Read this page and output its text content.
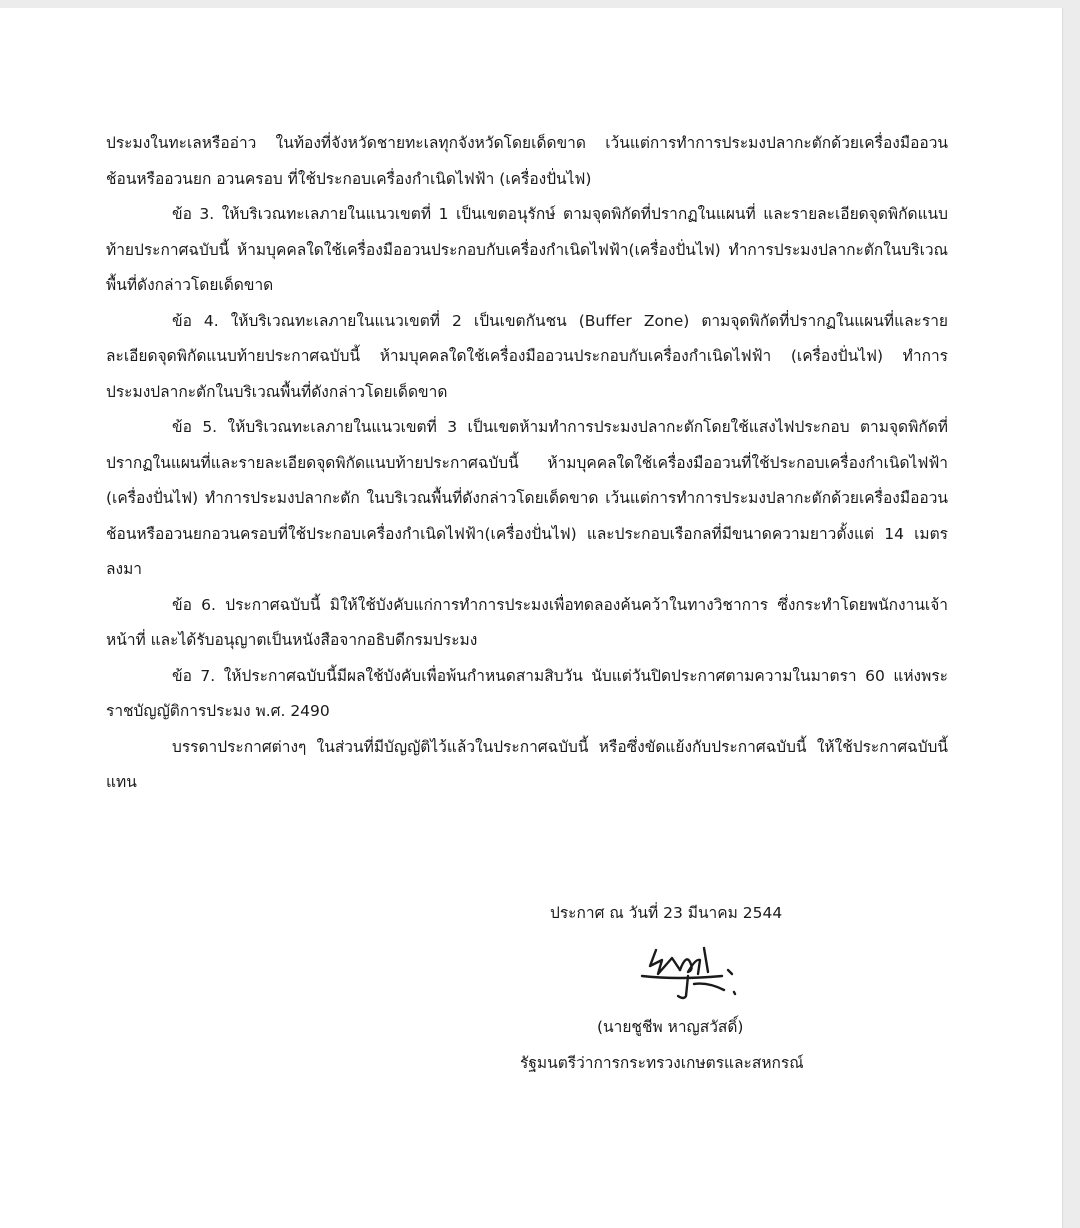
ประมงในทะเลหรืออ่าว ในท้องที่จังหวัดชายทะเลทุกจังหวัดโดยเด็ดขาด เว้นแต่การทำการประมงปลากะตักด้วยเครื่องมืออวนช้อนหรืออวนยก อวนครอบ ที่ใช้ประกอบเครื่องกำเนิดไฟฟ้า (เครื่องปั่นไฟ)

ข้อ 3. ให้บริเวณทะเลภายในแนวเขตที่ 1 เป็นเขตอนุรักษ์ ตามจุดพิกัดที่ปรากฏในแผนที่ และรายละเอียดจุดพิกัดแนบท้ายประกาศฉบับนี้ ห้ามบุคคลใดใช้เครื่องมืออวนประกอบกับเครื่องกำเนิดไฟฟ้า(เครื่องปั่นไฟ) ทำการประมงปลากะตักในบริเวณพื้นที่ดังกล่าวโดยเด็ดขาด

ข้อ 4. ให้บริเวณทะเลภายในแนวเขตที่ 2 เป็นเขตกันชน (Buffer Zone) ตามจุดพิกัดที่ปรากฏในแผนที่และรายละเอียดจุดพิกัดแนบท้ายประกาศฉบับนี้ ห้ามบุคคลใดใช้เครื่องมืออวนประกอบกับเครื่องกำเนิดไฟฟ้า (เครื่องปั่นไฟ) ทำการประมงปลากะตักในบริเวณพื้นที่ดังกล่าวโดยเด็ดขาด

ข้อ 5. ให้บริเวณทะเลภายในแนวเขตที่ 3 เป็นเขตห้ามทำการประมงปลากะตักโดยใช้แสงไฟประกอบ ตามจุดพิกัดที่ปรากฏในแผนที่และรายละเอียดจุดพิกัดแนบท้ายประกาศฉบับนี้ ห้ามบุคคลใดใช้เครื่องมืออวนที่ใช้ประกอบเครื่องกำเนิดไฟฟ้า (เครื่องปั่นไฟ) ทำการประมงปลากะตัก ในบริเวณพื้นที่ดังกล่าวโดยเด็ดขาด เว้นแต่การทำการประมงปลากะตักด้วยเครื่องมืออวนช้อนหรืออวนยกอวนครอบที่ใช้ประกอบเครื่องกำเนิดไฟฟ้า(เครื่องปั่นไฟ) และประกอบเรือกลที่มีขนาดความยาวตั้งแต่ 14 เมตรลงมา

ข้อ 6. ประกาศฉบับนี้ มิให้ใช้บังคับแก่การทำการประมงเพื่อทดลองค้นคว้าในทางวิชาการ ซึ่งกระทำโดยพนักงานเจ้าหน้าที่ และได้รับอนุญาตเป็นหนังสือจากอธิบดีกรมประมง

ข้อ 7. ให้ประกาศฉบับนี้มีผลใช้บังคับเพื่อพ้นกำหนดสามสิบวัน นับแต่วันปิดประกาศตามความในมาตรา 60 แห่งพระราชบัญญัติการประมง พ.ศ. 2490

บรรดาประกาศต่างๆ ในส่วนที่มีบัญญัติไว้แล้วในประกาศฉบับนี้ หรือซึ่งขัดแย้งกับประกาศฉบับนี้ ให้ใช้ประกาศฉบับนี้แทน

ประกาศ ณ วันที่ 23 มีนาคม 2544
(นายชูชีพ หาญสวัสดิ์)
รัฐมนตรีว่าการกระทรวงเกษตรและสหกรณ์
